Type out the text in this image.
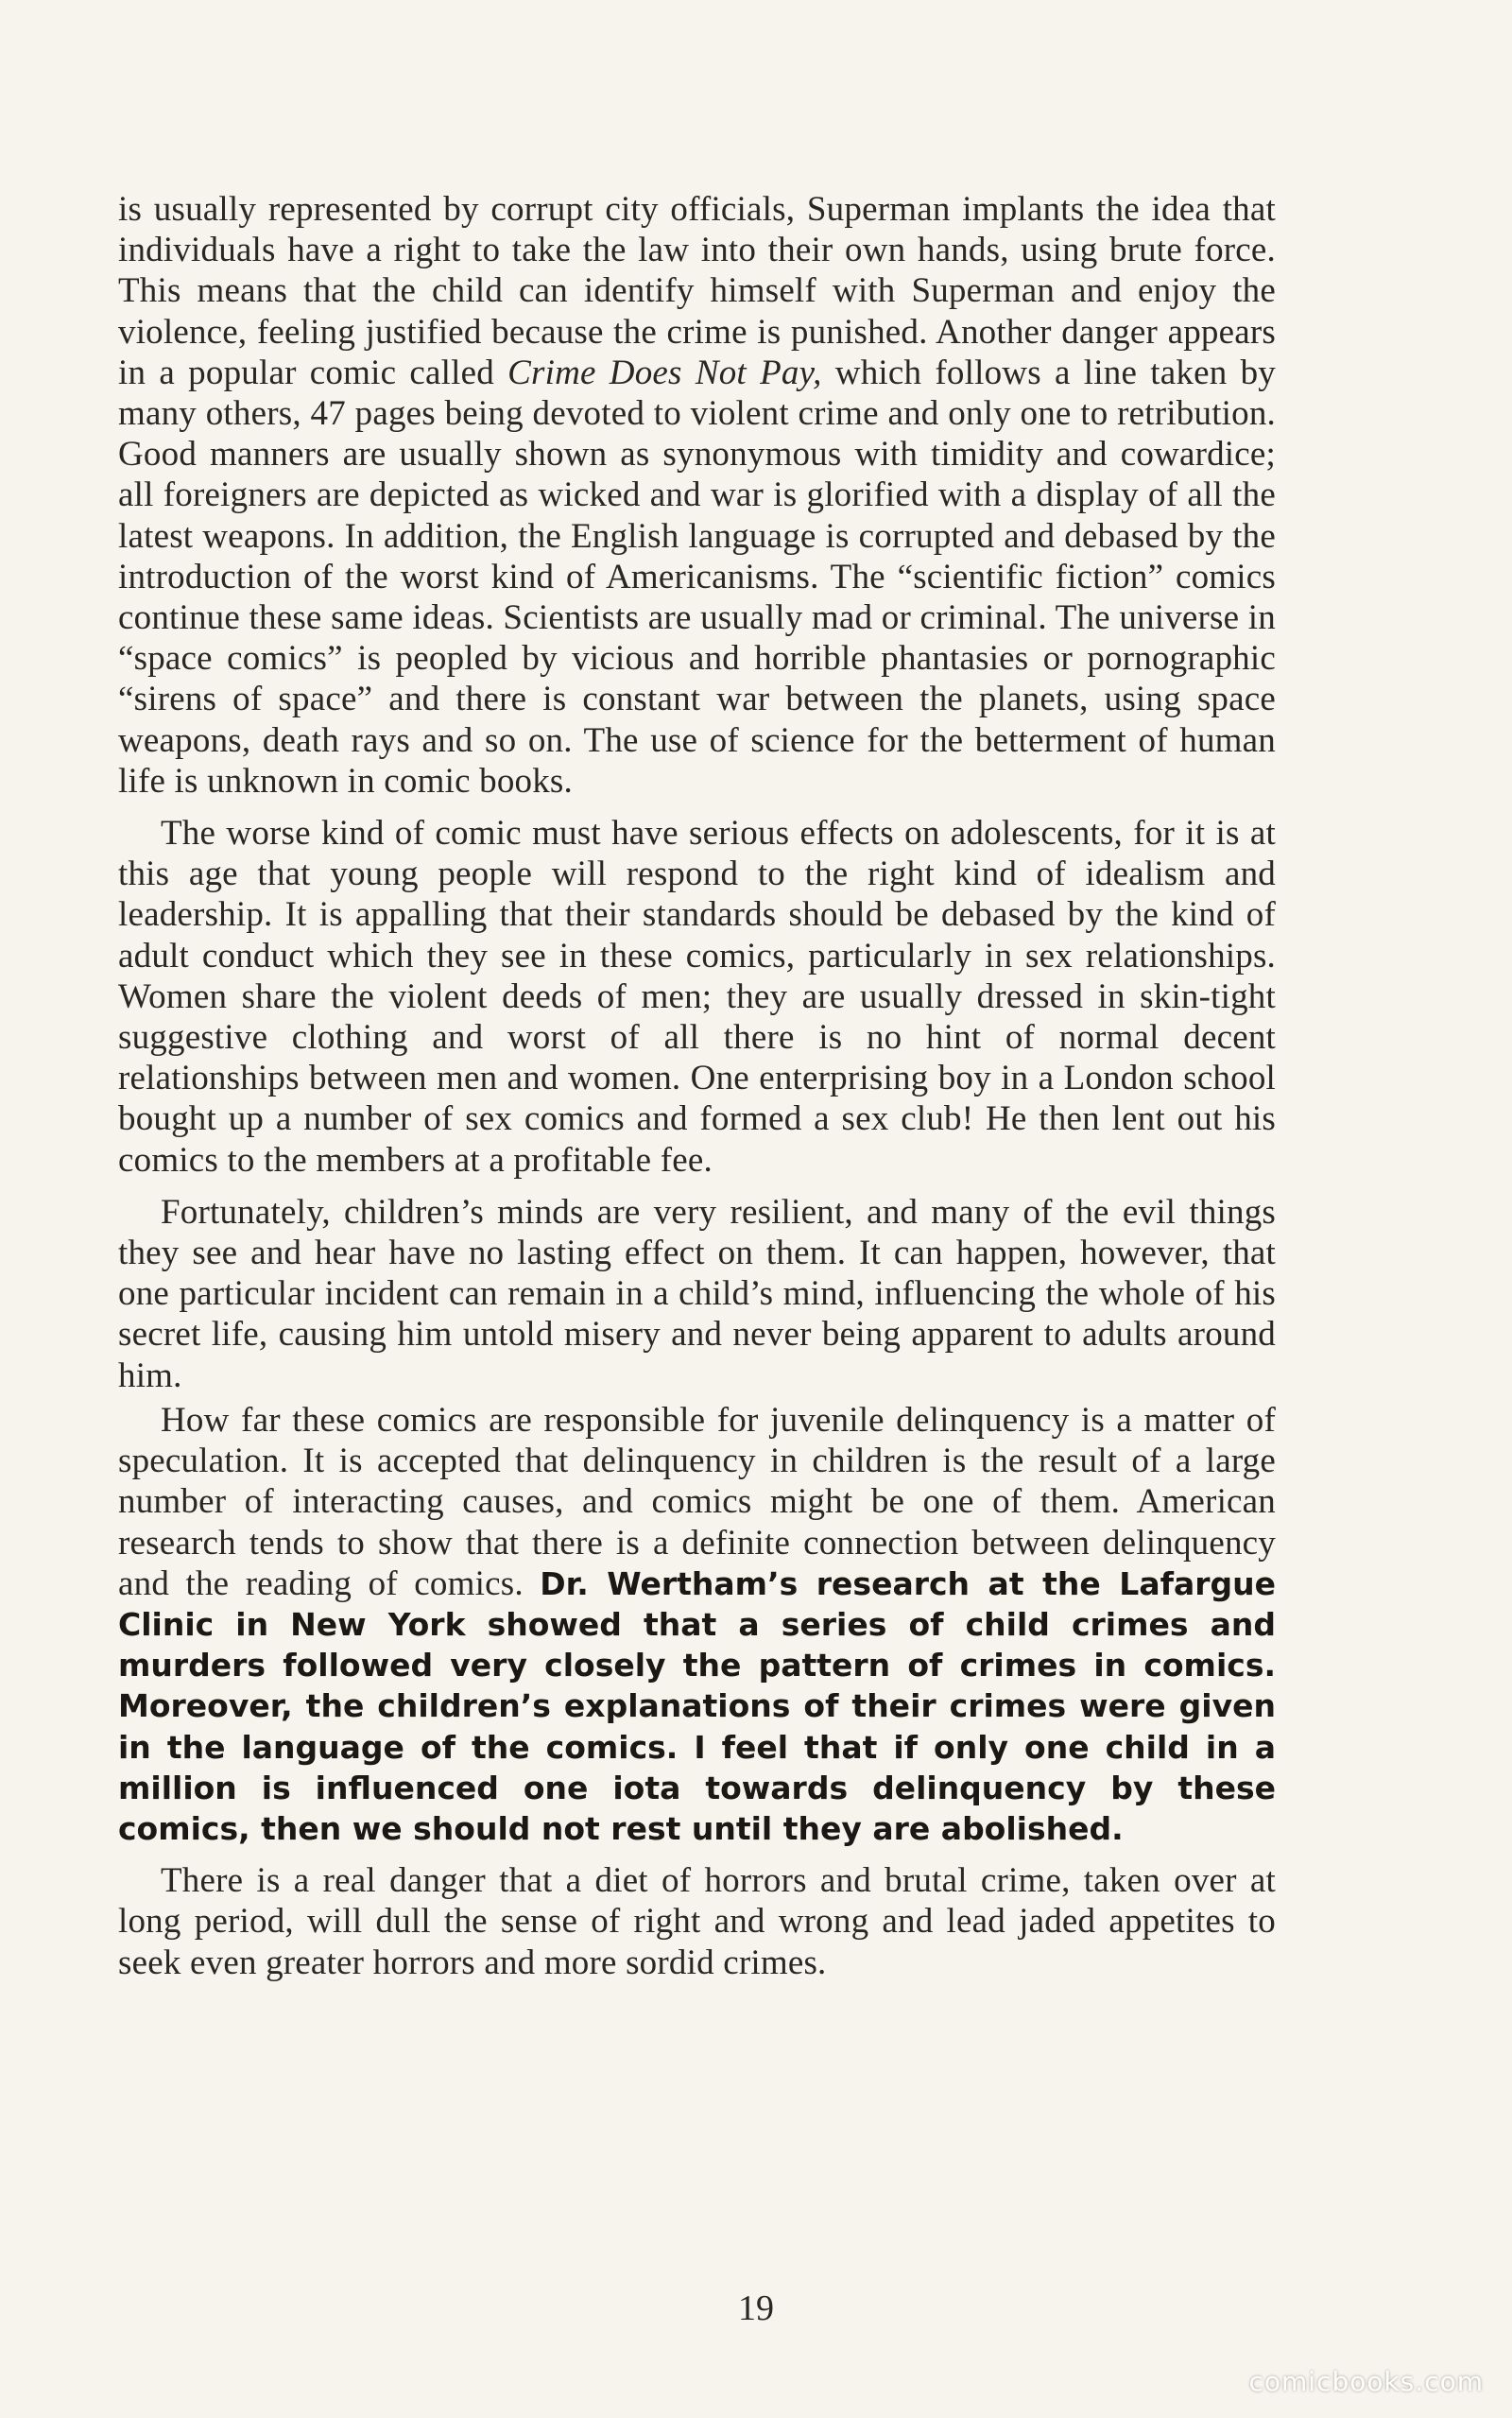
is usually represented by corrupt city officials, Superman implants the idea that individuals have a right to take the law into their own hands, using brute force. This means that the child can identify himself with Superman and enjoy the violence, feeling justified because the crime is punished. Another danger appears in a popular comic called Crime Does Not Pay, which follows a line taken by many others, 47 pages being devoted to violent crime and only one to retribution. Good manners are usually shown as synonymous with timidity and cowardice; all foreigners are depicted as wicked and war is glorified with a display of all the latest weapons. In addition, the English language is corrupted and debased by the introduction of the worst kind of Americanisms. The “scientific fiction” comics continue these same ideas. Scientists are usually mad or criminal. The universe in “space comics” is peopled by vicious and horrible phantasies or pornographic “sirens of space” and there is constant war between the planets, using space weapons, death rays and so on. The use of science for the betterment of human life is unknown in comic books.

The worse kind of comic must have serious effects on adolescents, for it is at this age that young people will respond to the right kind of idealism and leadership. It is appalling that their standards should be debased by the kind of adult conduct which they see in these comics, particularly in sex relationships. Women share the violent deeds of men; they are usually dressed in skin-tight suggestive clothing and worst of all there is no hint of normal decent relationships between men and women. One enterprising boy in a London school bought up a number of sex comics and formed a sex club! He then lent out his comics to the members at a profitable fee.

Fortunately, children’s minds are very resilient, and many of the evil things they see and hear have no lasting effect on them. It can happen, however, that one particular incident can remain in a child’s mind, influencing the whole of his secret life, causing him untold misery and never being apparent to adults around him.

How far these comics are responsible for juvenile delinquency is a matter of speculation. It is accepted that delinquency in children is the result of a large number of interacting causes, and comics might be one of them. American research tends to show that there is a definite connection between delinquency and the reading of comics. Dr. Wertham’s research at the Lafargue Clinic in New York showed that a series of child crimes and murders followed very closely the pattern of crimes in comics. Moreover, the children’s explanations of their crimes were given in the language of the comics. I feel that if only one child in a million is influenced one iota towards delinquency by these comics, then we should not rest until they are abolished.

There is a real danger that a diet of horrors and brutal crime, taken over at long period, will dull the sense of right and wrong and lead jaded appetites to seek even greater horrors and more sordid crimes.

19
comicbooks.com
